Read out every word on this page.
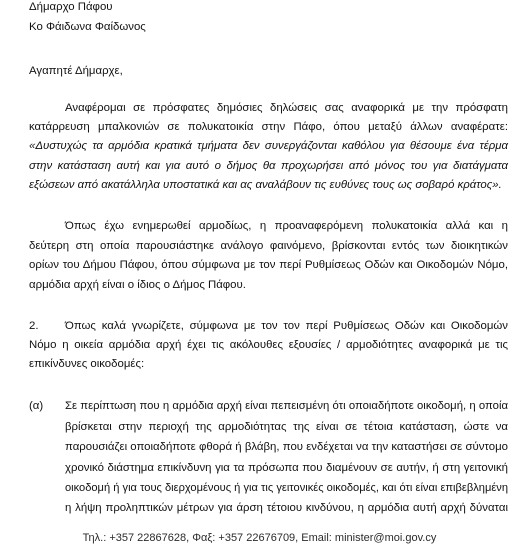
Δήμαρχο Πάφου
Κο Φάιδωνα Φαίδωνος
Αγαπητέ Δήμαρχε,
Αναφέρομαι σε πρόσφατες δημόσιες δηλώσεις σας αναφορικά με την πρόσφατη
κατάρρευση μπαλκονιών σε πολυκατοικία στην Πάφο, όπου μεταξύ άλλων αναφέρατε:
«Δυστυχώς τα αρμόδια κρατικά τμήματα δεν συνεργάζονται καθόλου για θέσουμε ένα τέρμα
στην κατάσταση αυτή και για αυτό ο δήμος θα προχωρήσει από μόνος του για διατάγματα
εξώσεων από ακατάλληλα υποστατικά και ας αναλάβουν τις ευθύνες τους ως σοβαρό κράτος».
Όπως έχω ενημερωθεί αρμοδίως, η προαναφερόμενη πολυκατοικία αλλά και η
δεύτερη στη οποία παρουσιάστηκε ανάλογο φαινόμενο, βρίσκονται εντός των διοικητικών
ορίων του Δήμου Πάφου, όπου σύμφωνα με τον περί Ρυθμίσεως Οδών και Οικοδομών Νόμο,
αρμόδια αρχή είναι ο ίδιος ο Δήμος Πάφου.
2. Όπως καλά γνωρίζετε, σύμφωνα με τον τον περί Ρυθμίσεως Οδών και Οικοδομών
Νόμο η οικεία αρμόδια αρχή έχει τις ακόλουθες εξουσίες / αρμοδιότητες αναφορικά με τις
επικίνδυνες οικοδομές:
(α) Σε περίπτωση που η αρμόδια αρχή είναι πεπεισμένη ότι οποιαδήποτε οικοδομή, η οποία
βρίσκεται στην περιοχή της αρμοδιότητας της είναι σε τέτοια κατάσταση, ώστε να
παρουσιάζει οποιαδήποτε φθορά ή βλάβη, που ενδέχεται να την καταστήσει σε σύντομο
χρονικό διάστημα επικίνδυνη για τα πρόσωπα που διαμένουν σε αυτήν, ή στη γειτονική
οικοδομή ή για τους διερχομένους ή για τις γειτονικές οικοδομές, και ότι είναι επιβεβλημένη
η λήψη προληπτικών μέτρων για άρση τέτοιου κινδύνου, η αρμόδια αυτή αρχή δύναται
Τηλ.: +357 22867628, Φαξ: +357 22676709, Email: minister@moi.gov.cy
